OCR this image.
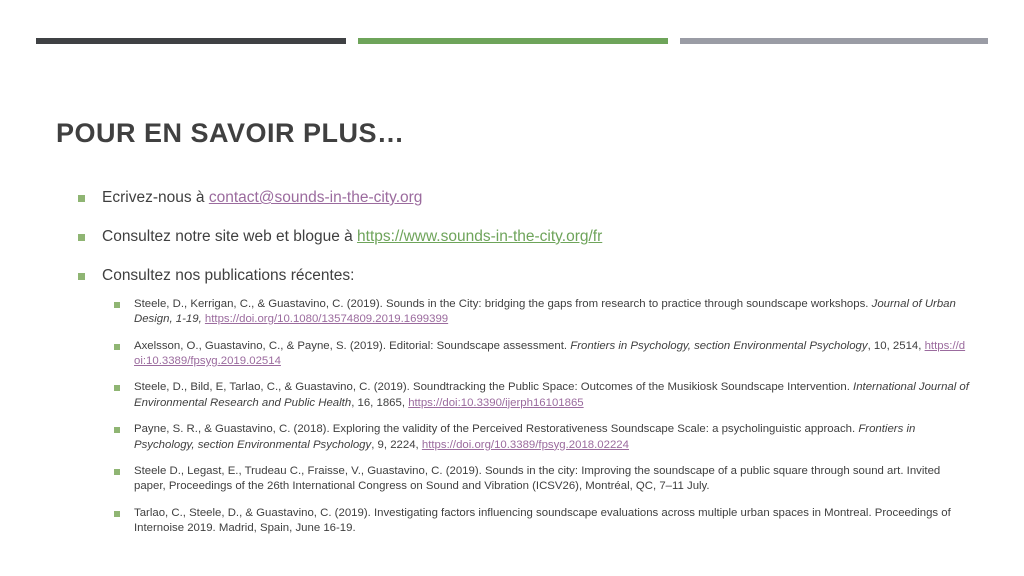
POUR EN SAVOIR PLUS…
Ecrivez-nous à contact@sounds-in-the-city.org
Consultez notre site web et blogue à https://www.sounds-in-the-city.org/fr
Consultez nos publications récentes:
Steele, D., Kerrigan, C., & Guastavino, C. (2019). Sounds in the City: bridging the gaps from research to practice through soundscape workshops. Journal of Urban Design, 1-19, https://doi.org/10.1080/13574809.2019.1699399
Axelsson, O., Guastavino, C., & Payne, S. (2019). Editorial: Soundscape assessment. Frontiers in Psychology, section Environmental Psychology, 10, 2514, https://doi:10.3389/fpsyg.2019.02514
Steele, D., Bild, E, Tarlao, C., & Guastavino, C. (2019). Soundtracking the Public Space: Outcomes of the Musikiosk Soundscape Intervention. International Journal of Environmental Research and Public Health, 16, 1865, https://doi:10.3390/ijerph16101865
Payne, S. R., & Guastavino, C. (2018). Exploring the validity of the Perceived Restorativeness Soundscape Scale: a psycholinguistic approach. Frontiers in Psychology, section Environmental Psychology, 9, 2224, https://doi.org/10.3389/fpsyg.2018.02224
Steele D., Legast, E., Trudeau C., Fraisse, V., Guastavino, C. (2019). Sounds in the city: Improving the soundscape of a public square through sound art. Invited paper, Proceedings of the 26th International Congress on Sound and Vibration (ICSV26), Montréal, QC, 7–11 July.
Tarlao, C., Steele, D., & Guastavino, C. (2019). Investigating factors influencing soundscape evaluations across multiple urban spaces in Montreal. Proceedings of Internoise 2019. Madrid, Spain, June 16-19.
